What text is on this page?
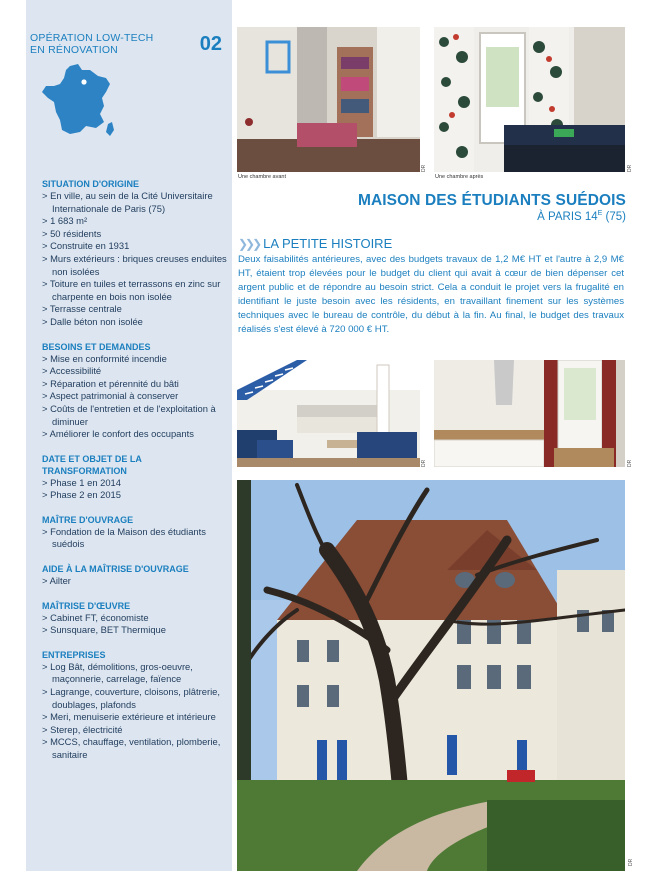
OPÉRATION LOW-TECH
EN RÉNOVATION	02
SITUATION D'ORIGINE
> En ville, au sein de la Cité Universitaire Internationale de Paris (75)
> 1 683 m²
> 50 résidents
> Construite en 1931
> Murs extérieurs : briques creuses enduites non isolées
> Toiture en tuiles et terrassons en zinc sur charpente en bois non isolée
> Terrasse centrale
> Dalle béton non isolée
BESOINS ET DEMANDES
> Mise en conformité incendie
> Accessibilité
> Réparation et pérennité du bâti
> Aspect patrimonial à conserver
> Coûts de l'entretien et de l'exploitation à diminuer
> Améliorer le confort des occupants
DATE ET OBJET DE LA TRANSFORMATION
> Phase 1 en 2014
> Phase 2 en 2015
MAÎTRE D'OUVRAGE
> Fondation de la Maison des étudiants suédois
AIDE À LA MAÎTRISE D'OUVRAGE
> Ailter
MAÎTRISE D'ŒUVRE
> Cabinet FT, économiste
> Sunsquare, BET Thermique
ENTREPRISES
> Log Bât, démolitions, gros-oeuvre, maçonnerie, carrelage, faïence
> Lagrange, couverture, cloisons, plâtrerie, doublages, plafonds
> Meri, menuiserie extérieure et intérieure
> Sterep, électricité
> MCCS, chauffage, ventilation, plomberie, sanitaire
Une chambre avant
DR
Une chambre après
DR
MAISON DES ÉTUDIANTS SUÉDOIS
À PARIS $14^E$ (75)
❯❯❯ LA PETITE HISTOIRE

Deux faisabilités antérieures, avec des budgets travaux de 1,2 M€ HT et l'autre à 2,9 M€ HT, étaient trop élevées pour le budget du client qui avait à cœur de bien dépenser cet argent public et de répondre au besoin strict. Cela a conduit le projet vers la frugalité en identifiant le juste besoin avec les résidents, en travaillant finement sur les systèmes techniques avec le bureau de contrôle, du début à la fin. Au final, le budget des travaux réalisés s'est élevé à 720 000 € HT.

DR	DR
DR
